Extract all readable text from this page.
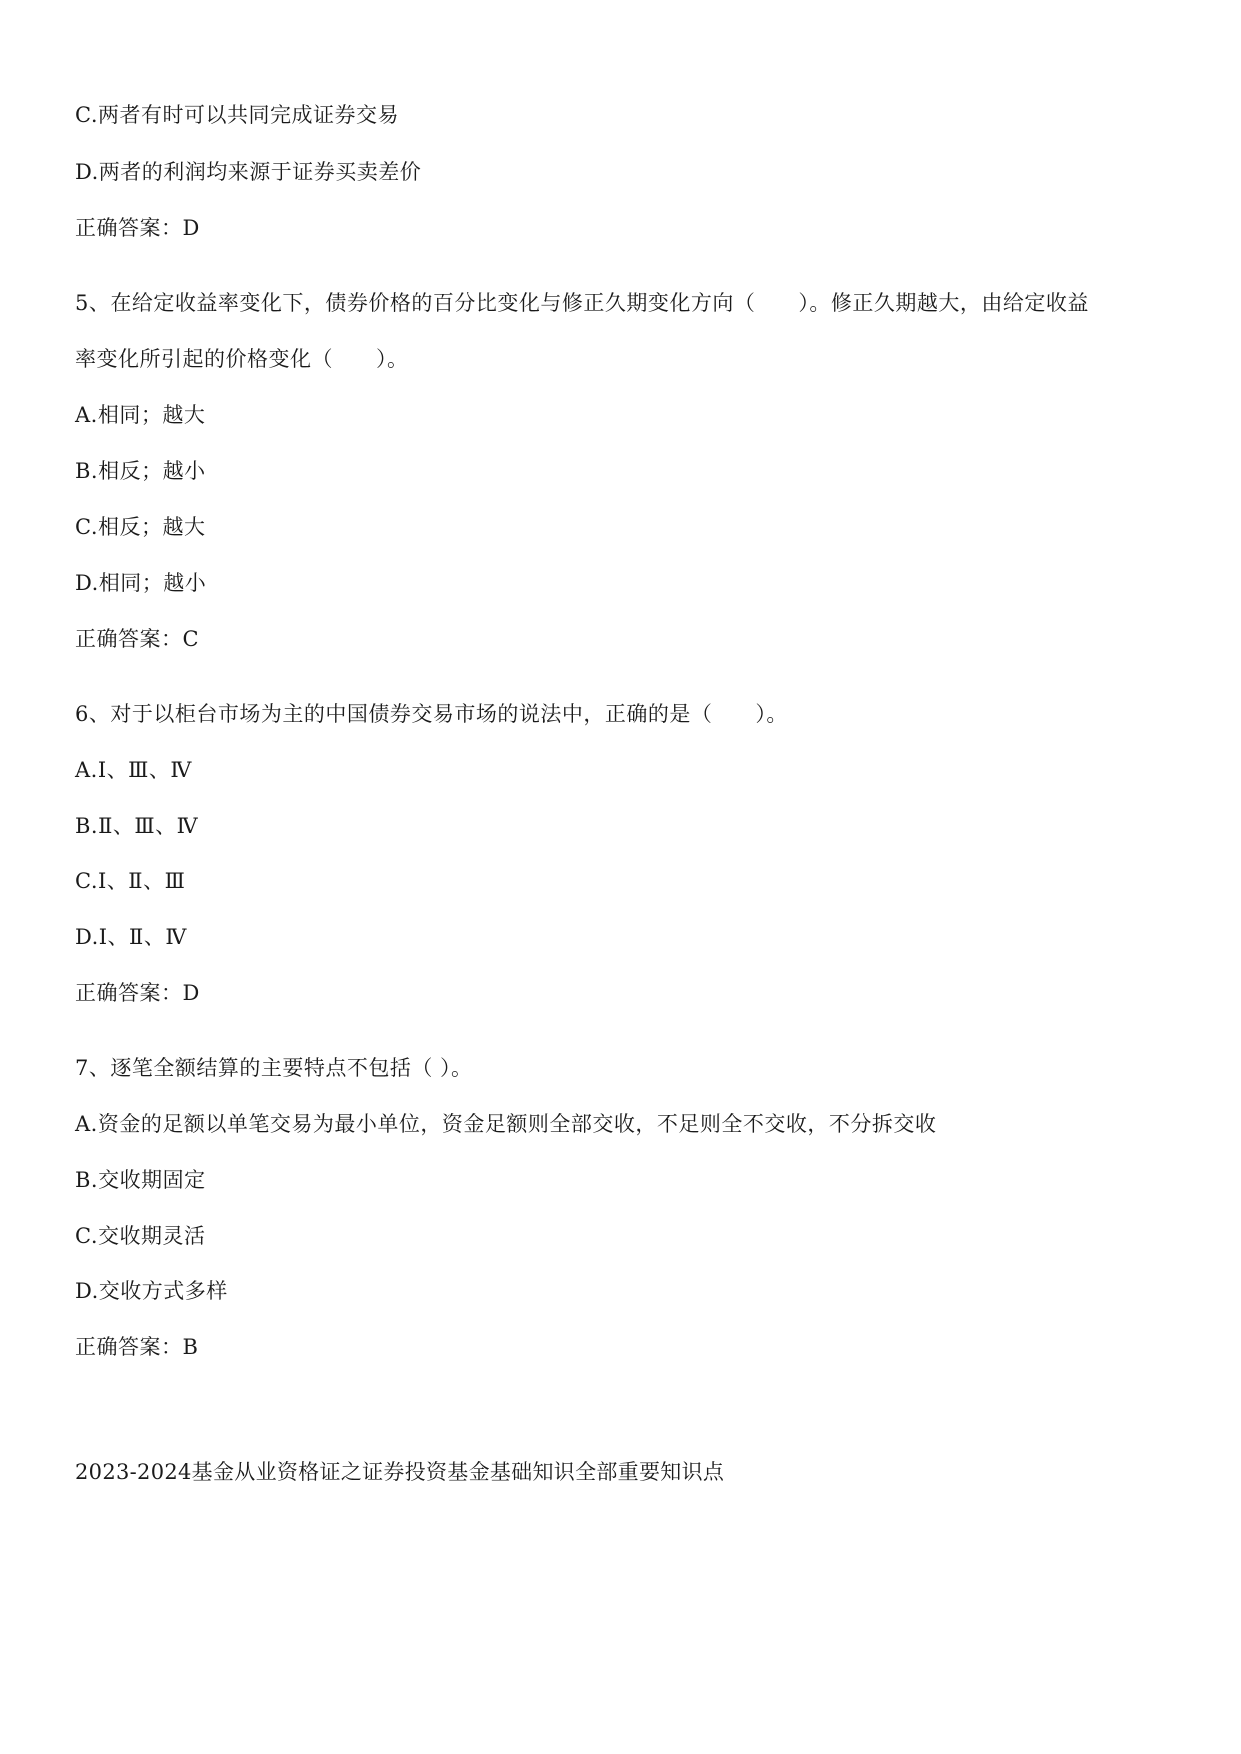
C.两者有时可以共同完成证券交易
D.两者的利润均来源于证券买卖差价
正确答案：D
5、在给定收益率变化下，债券价格的百分比变化与修正久期变化方向（　　）。修正久期越大，由给定收益
率变化所引起的价格变化（　　）。
A.相同；越大
B.相反；越小
C.相反；越大
D.相同；越小
正确答案：C
6、对于以柜台市场为主的中国债券交易市场的说法中，正确的是（　　）。
A.Ⅰ、Ⅲ、Ⅳ
B.Ⅱ、Ⅲ、Ⅳ
C.Ⅰ、Ⅱ、Ⅲ
D.Ⅰ、Ⅱ、Ⅳ
正确答案：D
7、逐笔全额结算的主要特点不包括（ ）。
A.资金的足额以单笔交易为最小单位，资金足额则全部交收，不足则全不交收，不分拆交收
B.交收期固定
C.交收期灵活
D.交收方式多样
正确答案：B
2023-2024基金从业资格证之证券投资基金基础知识全部重要知识点
